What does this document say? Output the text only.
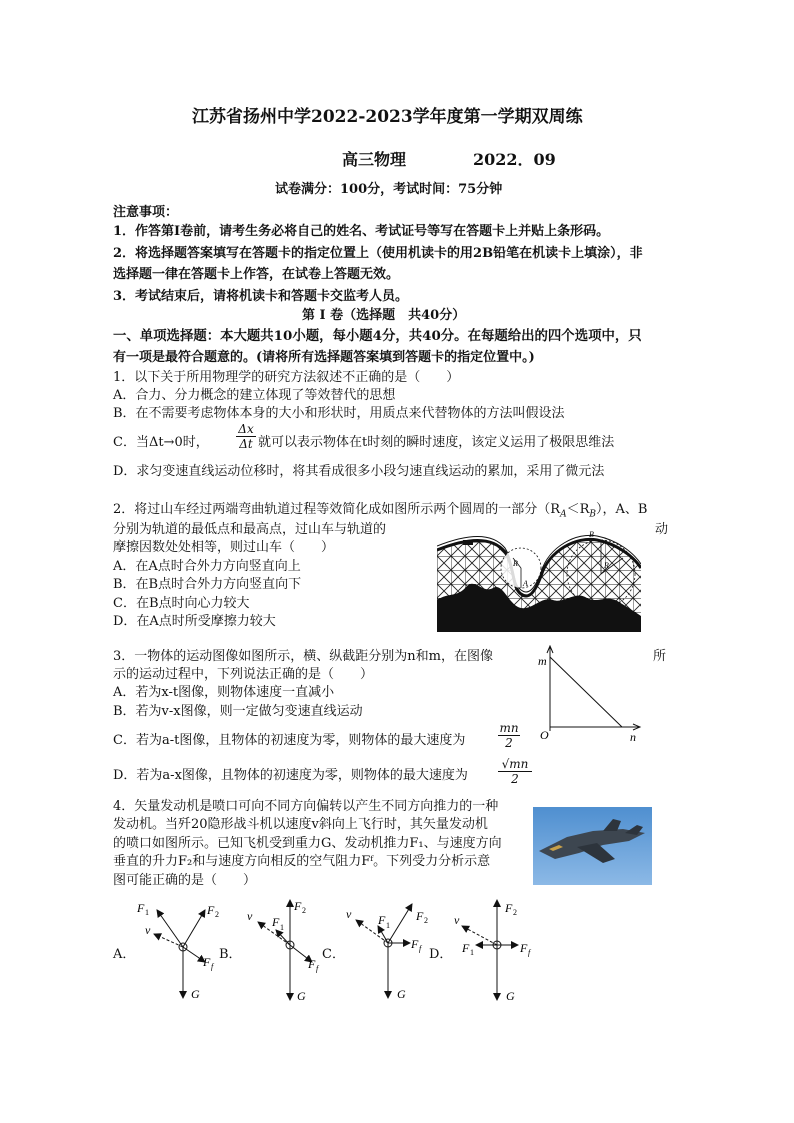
江苏省扬州中学2022-2023学年度第一学期双周练
高三物理	2022．09
试卷满分：100分，考试时间：75分钟
注意事项：
1．作答第Ⅰ卷前，请考生务必将自己的姓名、考试证号等写在答题卡上并贴上条形码。
2．将选择题答案填写在答题卡的指定位置上（使用机读卡的用2B铅笔在机读卡上填涂），非
选择题一律在答题卡上作答，在试卷上答题无效。
3．考试结束后，请将机读卡和答题卡交监考人员。
第 Ⅰ 卷（选择题　共40分）
一、单项选择题：本大题共10小题，每小题4分，共40分。在每题给出的四个选项中，只
有一项是最符合题意的。(请将所有选择题答案填到答题卡的指定位置中。)
1．以下关于所用物理学的研究方法叙述不正确的是（　　）
A．合力、分力概念的建立体现了等效替代的思想
B．在不需要考虑物体本身的大小和形状时，用质点来代替物体的方法叫假设法
C．当Δt→0时， $\frac{\Delta x}{\Delta t}$ 就可以表示物体在t时刻的瞬时速度，该定义运用了极限思维法
D．求匀变速直线运动位移时，将其看成很多小段匀速直线运动的累加，采用了微元法
2．将过山车经过两端弯曲轨道过程等效简化成如图所示两个圆周的一部分$(R_A<R_B)$，A、B
分别为轨道的最低点和最高点，过山车与轨道的	动
摩擦因数处处相等，则过山车（　　）
A．在A点时合外力方向竖直向上
B．在B点时合外力方向竖直向下
C．在B点时向心力较大
D．在A点时所受摩擦力较大
R
A
R
B
3．一物体的运动图像如图所示，横、纵截距分别为n和m，在图像	所
示的运动过程中，下列说法正确的是（　　）
A．若为x-t图像，则物体速度一直减小
B．若为v-x图像，则一定做匀变速直线运动
C．若为a-t图像，且物体的初速度为零，则物体的最大速度为	$\frac{mn}{2}$
D．若为a-x图像，且物体的初速度为零，则物体的最大速度为	$\frac{√mn}{2}$
m
n
O
4．矢量发动机是喷口可向不同方向偏转以产生不同方向推力的一种
发动机。当歼20隐形战斗机以速度v斜向上飞行时，其矢量发动机
的喷口如图所示。已知飞机受到重力G、发动机推力F₁、与速度方向
垂直的升力F₂和与速度方向相反的空气阻力Fᶠ。下列受力分析示意
图可能正确的是（　　）
A．	B．	C．	D．
F 1	F 2
v
F f
G
F 2
F 1
v
F f
G
F 2
F 1
v
F f
G
F 2
F 1
v
F f
G
